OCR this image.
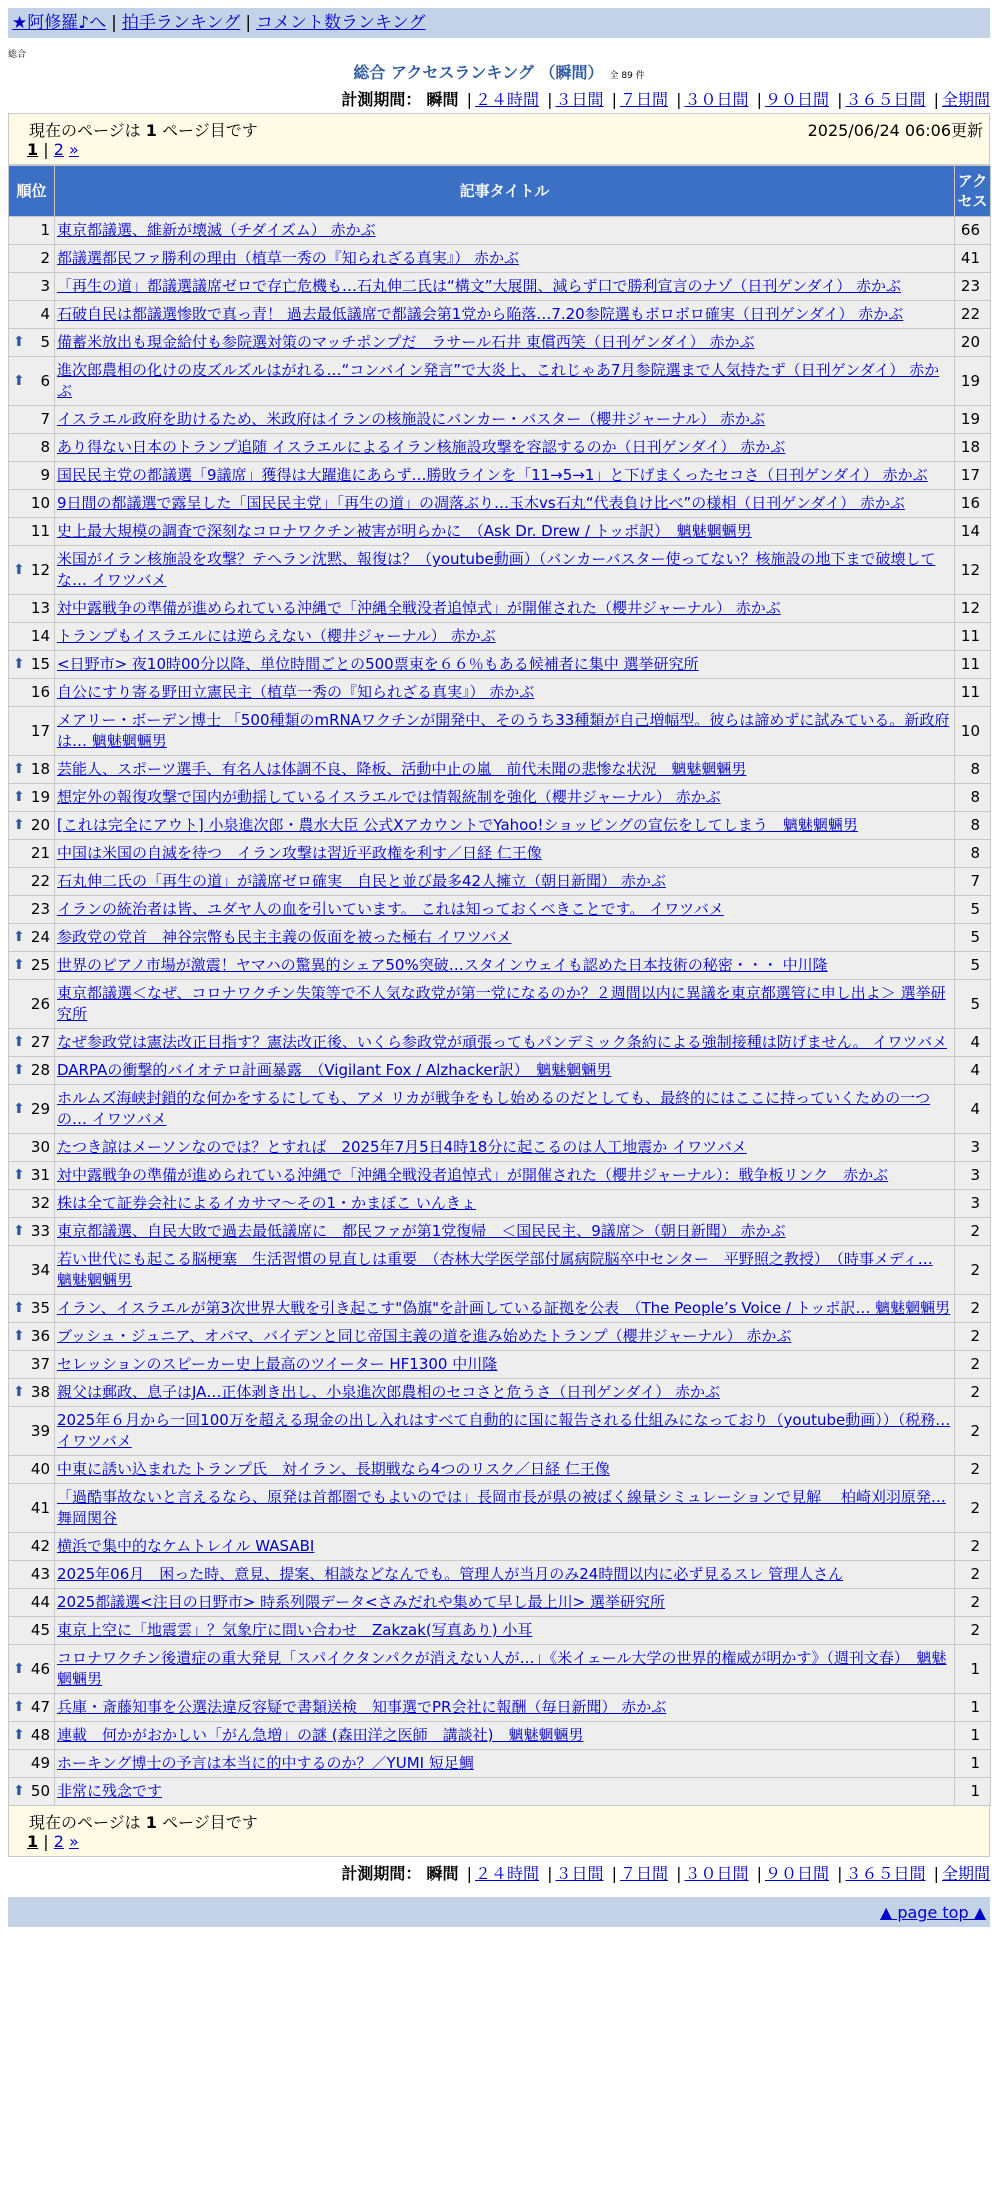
★阿修羅♪へ | 拍手ランキング | コメント数ランキング
総合
総合 アクセスランキング （瞬間） 全 89 件
計測期間： 瞬間 | ２４時間 | ３日間 | ７日間 | ３０日間 | ９０日間 | ３６５日間 | 全期間
現在のページは 1 ページ目です	2025/06/24 06:06更新
1 | 2 »
順位	記事タイトル	アクセス
1	東京都議選、維新が壊滅（チダイズム） 赤かぶ	66
2	都議選都民ファ勝利の理由（植草一秀の『知られざる真実』） 赤かぶ	41
3	「再生の道」都議選議席ゼロで存亡危機も…石丸伸二氏は“構文”大展開、減らず口で勝利宣言のナゾ（日刊ゲンダイ） 赤かぶ	23
4	石破自民は都議選惨敗で真っ青！ 過去最低議席で都議会第1党から陥落…7.20参院選もボロボロ確実（日刊ゲンダイ） 赤かぶ	22

⬆ 5	備蓄米放出も現金給付も参院選対策のマッチポンプだ　ラサール石井 東償西笑（日刊ゲンダイ） 赤かぶ	20

⬆ 6	進次郎農相の化けの皮ズルズルはがれる…“コンバイン発言”で大炎上、これじゃあ7月参院選まで人気持たず（日刊ゲンダイ） 赤かぶ	19
7	イスラエル政府を助けるため、米政府はイランの核施設にバンカー・バスター（櫻井ジャーナル） 赤かぶ	19
8	あり得ない日本のトランプ追随 イスラエルによるイラン核施設攻撃を容認するのか（日刊ゲンダイ） 赤かぶ	18
9	国民民主党の都議選「9議席」獲得は大躍進にあらず…勝敗ラインを「11→5→1」と下げまくったセコさ（日刊ゲンダイ） 赤かぶ	17
10	9日間の都議選で露呈した「国民民主党」「再生の道」の凋落ぶり…玉木vs石丸“代表負け比べ”の様相（日刊ゲンダイ） 赤かぶ	16
11	史上最大規模の調査で深刻なコロナワクチン被害が明らかに　（Ask Dr. Drew / トッポ訳）　魑魅魍魎男	14

⬆ 12	米国がイラン核施設を攻撃？テヘラン沈黙、報復は？（youtube動画）（バンカーバスター使ってない？核施設の地下まで破壊してな… イワツバメ	12
13	対中露戦争の準備が進められている沖縄で「沖縄全戦没者追悼式」が開催された（櫻井ジャーナル） 赤かぶ	12
14	トランプもイスラエルには逆らえない（櫻井ジャーナル） 赤かぶ	11

⬆ 15	<日野市> 夜10時00分以降、単位時間ごとの500票束を６６％もある候補者に集中 選挙研究所	11
16	自公にすり寄る野田立憲民主（植草一秀の『知られざる真実』） 赤かぶ	11
17	メアリー・ボーデン博士 「500種類のmRNAワクチンが開発中、そのうち33種類が自己増幅型。彼らは諦めずに試みている。新政府は… 魑魅魍魎男	10

⬆ 18	芸能人、スポーツ選手、有名人は体調不良、降板、活動中止の嵐　前代未聞の悲惨な状況　魑魅魍魎男	8

⬆ 19	想定外の報復攻撃で国内が動揺しているイスラエルでは情報統制を強化（櫻井ジャーナル） 赤かぶ	8

⬆ 20	[これは完全にアウト] 小泉進次郎・農水大臣 公式XアカウントでYahoo!ショッピングの宣伝をしてしまう　魑魅魍魎男	8
21	中国は米国の自滅を待つ　イラン攻撃は習近平政権を利す／日経 仁王像	8
22	石丸伸二氏の「再生の道」が議席ゼロ確実　自民と並び最多42人擁立（朝日新聞） 赤かぶ	7
23	イランの統治者は皆、ユダヤ人の血を引いています。 これは知っておくべきことです。 イワツバメ	5

⬆ 24	参政党の党首　神谷宗幣も民主主義の仮面を被った極右 イワツバメ	5

⬆ 25	世界のピアノ市場が激震！ヤマハの驚異的シェア50%突破…スタインウェイも認めた日本技術の秘密・・・ 中川隆	5
26	東京都議選＜なぜ、コロナワクチン失策等で不人気な政党が第一党になるのか？２週間以内に異議を東京都選管に申し出よ＞ 選挙研究所	5

⬆ 27	なぜ参政党は憲法改正目指す？憲法改正後、いくら参政党が頑張ってもパンデミック条約による強制接種は防げません。 イワツバメ	4

⬆ 28	DARPAの衝撃的バイオテロ計画暴露　（Vigilant Fox / Alzhacker訳）　魑魅魍魎男	4

⬆ 29	ホルムズ海峡封鎖的な何かをするにしても、アメ リカが戦争をもし始めるのだとしても、最終的にはここに持っていくための一つの… イワツバメ	4
30	たつき諒はメーソンなのでは？とすれば　2025年7月5日4時18分に起こるのは人工地震か イワツバメ	3

⬆ 31	対中露戦争の準備が進められている沖縄で「沖縄全戦没者追悼式」が開催された（櫻井ジャーナル）：戦争板リンク　赤かぶ	3
32	株は全て証券会社によるイカサマ～その1・かまぼこ いんきょ	3

⬆ 33	東京都議選、自民大敗で過去最低議席に　都民ファが第1党復帰　＜国民民主、9議席＞（朝日新聞） 赤かぶ	2
34	若い世代にも起こる脳梗塞　生活習慣の見直しは重要　（杏林大学医学部付属病院脳卒中センター　平野照之教授）　（時事メディ… 魑魅魍魎男	2

⬆ 35	イラン、イスラエルが第3次世界大戦を引き起こす"偽旗"を計画している証拠を公表　（The People’s Voice / トッポ訳… 魑魅魍魎男	2

⬆ 36	ブッシュ・ジュニア、オバマ、バイデンと同じ帝国主義の道を進み始めたトランプ（櫻井ジャーナル） 赤かぶ	2
37	セレッションのスピーカー史上最高のツイーター HF1300 中川隆	2

⬆ 38	親父は郵政、息子はJA…正体剥き出し、小泉進次郎農相のセコさと危うさ（日刊ゲンダイ） 赤かぶ	2
39	2025年６月から一回100万を超える現金の出し入れはすべて自動的に国に報告される仕組みになっており（youtube動画））（税務… イワツバメ	2
40	中東に誘い込まれたトランプ氏　対イラン、長期戦なら4つのリスク／日経 仁王像	2
41	「過酷事故ないと言えるなら、原発は首都圏でもよいのでは」長岡市長が県の被ばく線量シミュレーションで見解　 柏崎刈羽原発… 舞岡関谷	2
42	横浜で集中的なケムトレイル WASABI	2
43	2025年06月　困った時、意見、提案、相談などなんでも。管理人が当月のみ24時間以内に必ず見るスレ 管理人さん	2
44	2025都議選<注目の日野市> 時系列隈データ<さみだれや集めて早し最上川> 選挙研究所	2
45	東京上空に「地震雲」？気象庁に問い合わせ　Zakzak(写真あり) 小耳	2

⬆ 46	コロナワクチン後遺症の重大発見「スパイクタンパクが消えない人が…」《米イェール大学の世界的権威が明かす》（週刊文春）　魑魅魍魎男	1

⬆ 47	兵庫・斎藤知事を公選法違反容疑で書類送検　知事選でPR会社に報酬（毎日新聞） 赤かぶ	1

⬆ 48	連載　何かがおかしい「がん急増」の謎 (森田洋之医師　講談社)　魑魅魍魎男	1
49	ホーキング博士の予言は本当に的中するのか？／YUMI 短足鯛	1

⬆ 50	非常に残念です	1
現在のページは 1 ページ目です
1 | 2 »
計測期間： 瞬間 | ２４時間 | ３日間 | ７日間 | ３０日間 | ９０日間 | ３６５日間 | 全期間
▲ page top ▲
